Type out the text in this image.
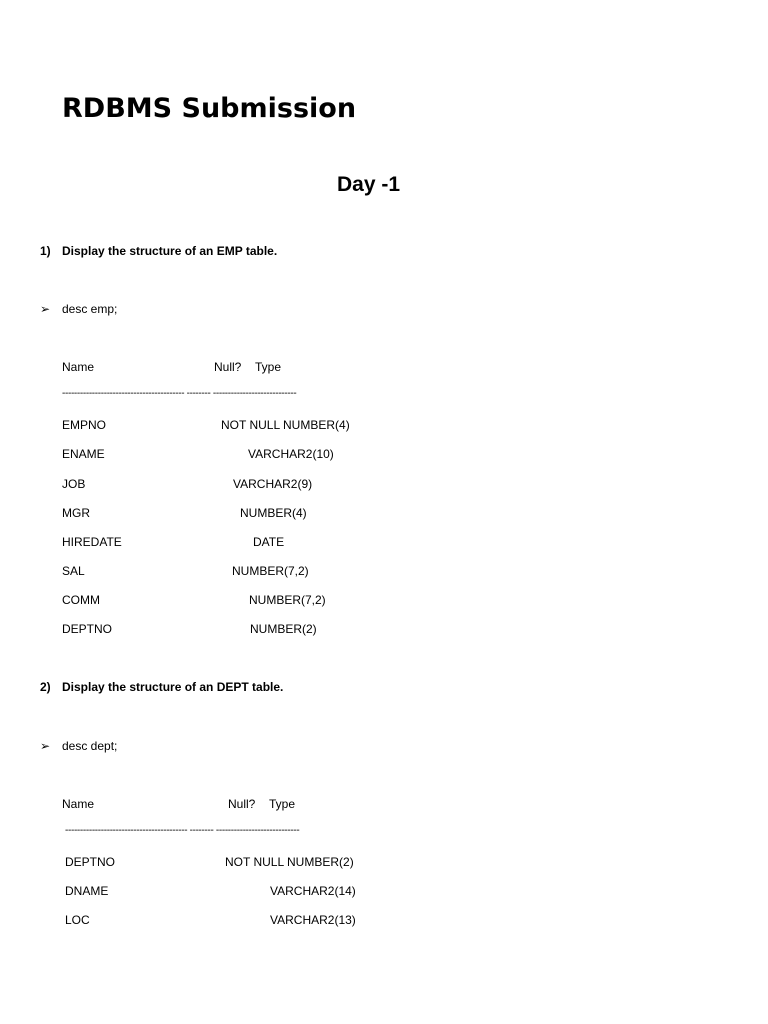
RDBMS Submission
Day -1
1) Display the structure of an EMP table.
➢ desc emp;
Name	Null? Type
----------------------------------------- -------- ----------------------------
EMPNO	NOT NULL NUMBER(4)
ENAME	VARCHAR2(10)
JOB	VARCHAR2(9)
MGR	NUMBER(4)
HIREDATE	DATE
SAL	NUMBER(7,2)
COMM	NUMBER(7,2)
DEPTNO	NUMBER(2)
2) Display the structure of an DEPT table.
➢ desc dept;
Name	Null? Type
----------------------------------------- -------- ----------------------------
DEPTNO	NOT NULL NUMBER(2)
DNAME	VARCHAR2(14)
LOC	VARCHAR2(13)
